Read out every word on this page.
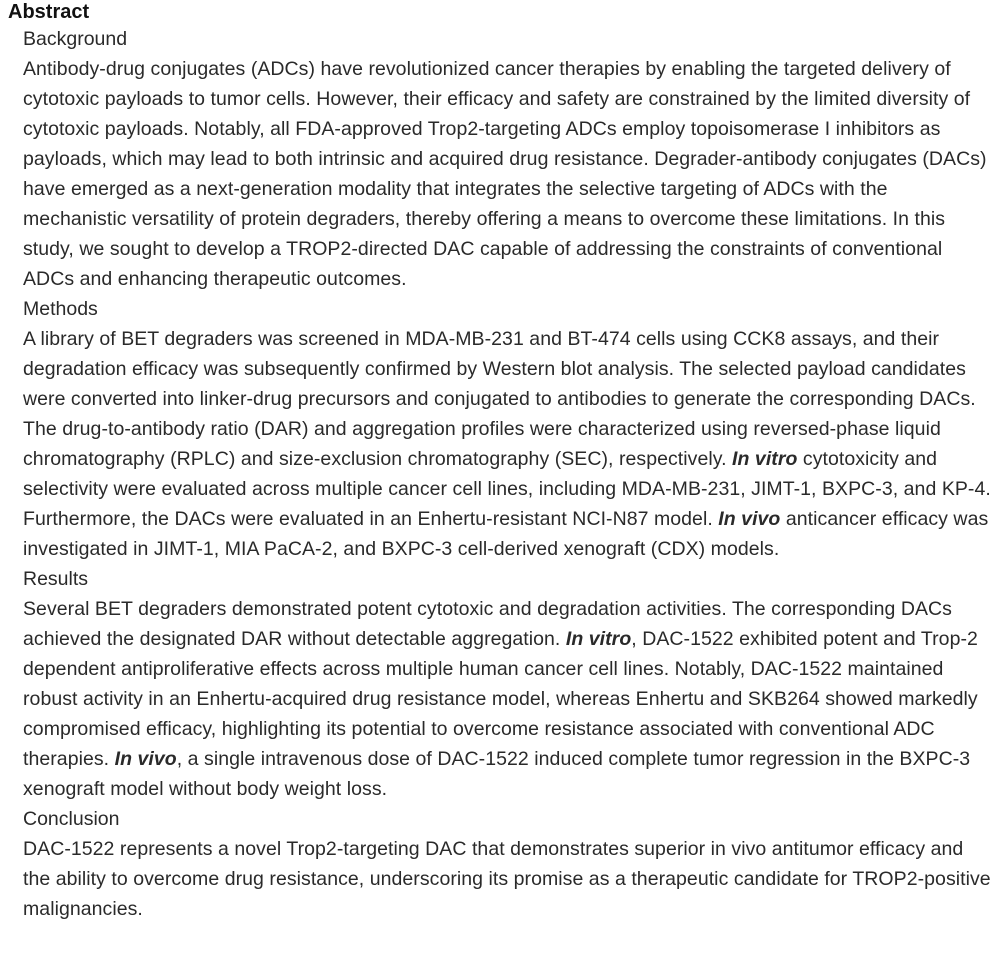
Abstract
Background

Antibody-drug conjugates (ADCs) have revolutionized cancer therapies by enabling the targeted delivery of cytotoxic payloads to tumor cells. However, their efficacy and safety are constrained by the limited diversity of cytotoxic payloads. Notably, all FDA-approved Trop2-targeting ADCs employ topoisomerase I inhibitors as payloads, which may lead to both intrinsic and acquired drug resistance. Degrader-antibody conjugates (DACs) have emerged as a next-generation modality that integrates the selective targeting of ADCs with the mechanistic versatility of protein degraders, thereby offering a means to overcome these limitations. In this study, we sought to develop a TROP2-directed DAC capable of addressing the constraints of conventional ADCs and enhancing therapeutic outcomes.

Methods

A library of BET degraders was screened in MDA-MB-231 and BT-474 cells using CCK8 assays, and their degradation efficacy was subsequently confirmed by Western blot analysis. The selected payload candidates were converted into linker-drug precursors and conjugated to antibodies to generate the corresponding DACs. The drug-to-antibody ratio (DAR) and aggregation profiles were characterized using reversed-phase liquid chromatography (RPLC) and size-exclusion chromatography (SEC), respectively. In vitro cytotoxicity and selectivity were evaluated across multiple cancer cell lines, including MDA-MB-231, JIMT-1, BXPC-3, and KP-4. Furthermore, the DACs were evaluated in an Enhertu-resistant NCI-N87 model. In vivo anticancer efficacy was investigated in JIMT-1, MIA PaCA-2, and BXPC-3 cell-derived xenograft (CDX) models.

Results

Several BET degraders demonstrated potent cytotoxic and degradation activities. The corresponding DACs achieved the designated DAR without detectable aggregation. In vitro, DAC-1522 exhibited potent and Trop-2 dependent antiproliferative effects across multiple human cancer cell lines. Notably, DAC-1522 maintained robust activity in an Enhertu-acquired drug resistance model, whereas Enhertu and SKB264 showed markedly compromised efficacy, highlighting its potential to overcome resistance associated with conventional ADC therapies. In vivo, a single intravenous dose of DAC-1522 induced complete tumor regression in the BXPC-3 xenograft model without body weight loss.

Conclusion

DAC-1522 represents a novel Trop2-targeting DAC that demonstrates superior in vivo antitumor efficacy and the ability to overcome drug resistance, underscoring its promise as a therapeutic candidate for TROP2-positive malignancies.
